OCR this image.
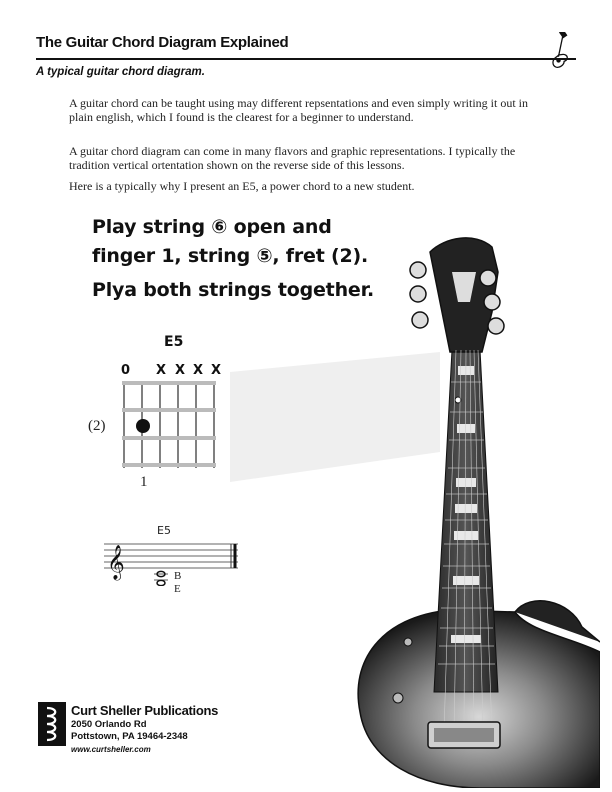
The Guitar Chord Diagram Explained
A typical guitar chord diagram.

A guitar chord can be taught using may different repsentations and even simply writing it out in plain english, which I found is the clearest for a beginner to understand.

A guitar chord diagram can come in many flavors and graphic representations. I typically the tradition vertical ortentation shown on the reverse side of this lessons.

Here is a typically why I present an E5, a power chord to a new student.

Play string ⑥ open and
finger 1, string ⑤, fret (2).
Plya both strings together.
E5
0 X X X X
(2)
1
E5
𝄞	B
E
Curt Sheller Publications
2050 Orlando Rd
Pottstown, PA 19464-2348
www.curtsheller.com
